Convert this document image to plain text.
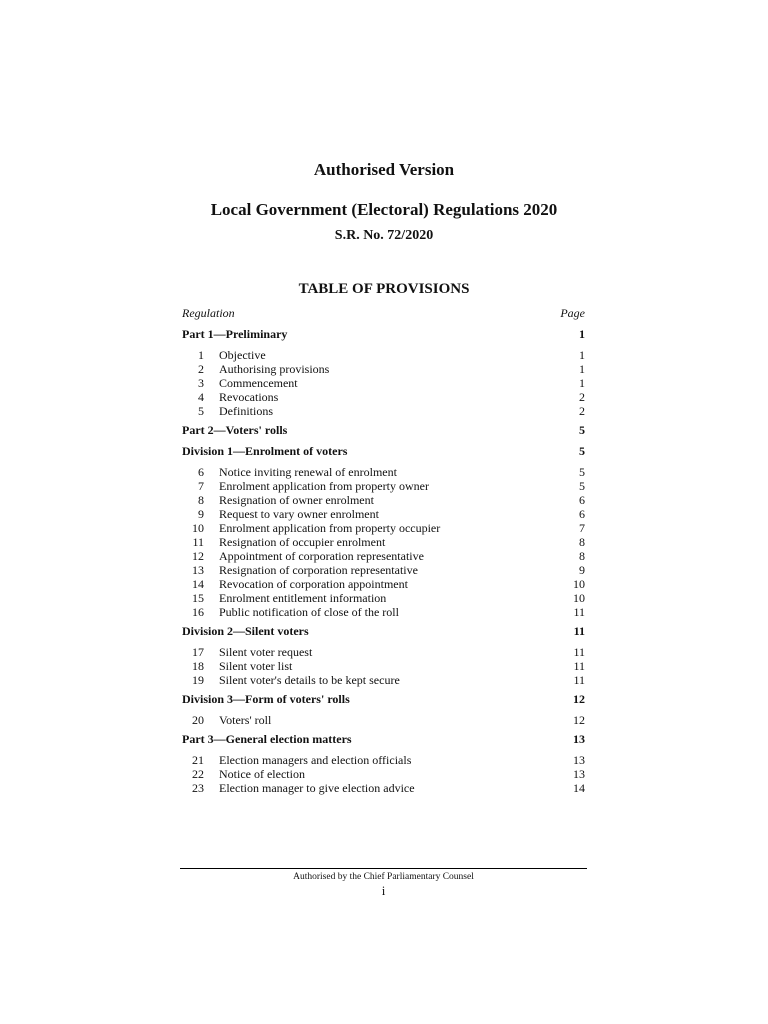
Authorised Version
Local Government (Electoral) Regulations 2020
S.R. No. 72/2020
TABLE OF PROVISIONS
Regulation	Page
Part 1—Preliminary	1
1	Objective	1
2	Authorising provisions	1
3	Commencement	1
4	Revocations	2
5	Definitions	2
Part 2—Voters' rolls	5
Division 1—Enrolment of voters	5
6	Notice inviting renewal of enrolment	5
7	Enrolment application from property owner	5
8	Resignation of owner enrolment	6
9	Request to vary owner enrolment	6
10	Enrolment application from property occupier	7
11	Resignation of occupier enrolment	8
12	Appointment of corporation representative	8
13	Resignation of corporation representative	9
14	Revocation of corporation appointment	10
15	Enrolment entitlement information	10
16	Public notification of close of the roll	11
Division 2—Silent voters	11
17	Silent voter request	11
18	Silent voter list	11
19	Silent voter's details to be kept secure	11
Division 3—Form of voters' rolls	12
20	Voters' roll	12
Part 3—General election matters	13
21	Election managers and election officials	13
22	Notice of election	13
23	Election manager to give election advice	14
Authorised by the Chief Parliamentary Counsel
i
